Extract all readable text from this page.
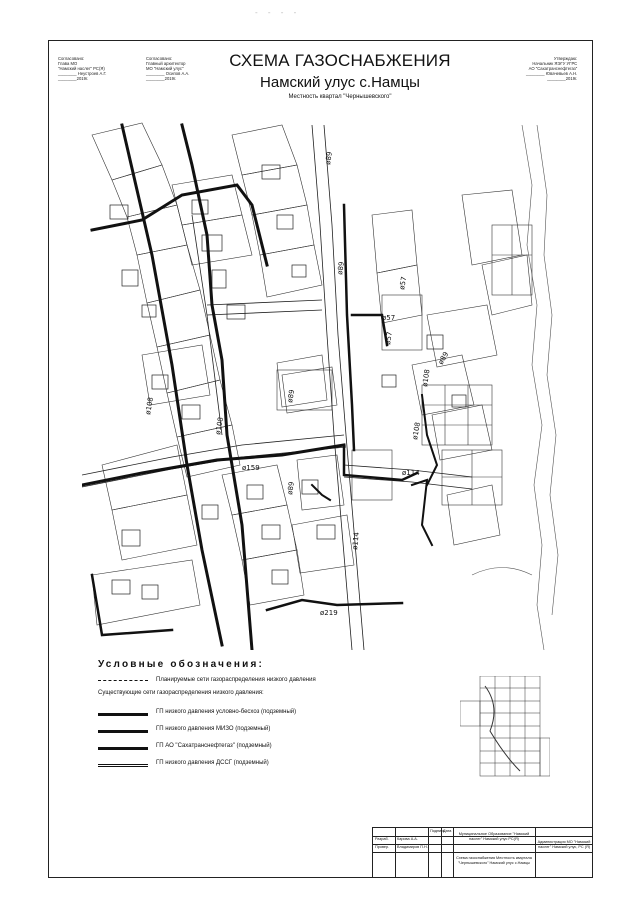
- - - -
Согласовано:
Глава МО
"Намский наслег" РС(Я)
________ Неустроев А.Г.
________2019г.
Согласовано:
Главный архитектор
МО "Намский улус"
________ Осипов А.А.
________2019г.
Утверждаю:
Начальник ЯЭГУ УГРС
АО "Сахатранснефтегаз"
________ Ювачевьев А.Н.
________2019г.
СХЕМА ГАЗОСНАБЖЕНИЯ
Намский улус с.Намцы
Местность квартал "Чернышевского"
ø89
ø89
ø57
ø57
ø57
ø108
ø89
ø114
ø114
ø108
ø108
ø89
ø89
ø159
ø219
ø108
Условные обозначения:
Планируемые сети газораспределения низкого давления
Существующие сети газораспределения низкого давления:
ГП низкого давления условно-бесхоз (подземный)
ГП низкого давления МИЗО (подземный)
ГП АО "Сахатранснефтегаз" (подземный)
ГП низкого давления ДССГ (подземный)
Подпись
Дата
Разраб. Карова А.А.
Провер. Владимиров П.Н.
Муниципальное Образование "Намский наслег" Намский улус РС(Я)
Схема газоснабжения Местность квартала "Чернышевского" Намский улус с.Намцы
Администрация МО "Намский наслег" Намский улус, РС (Я)
